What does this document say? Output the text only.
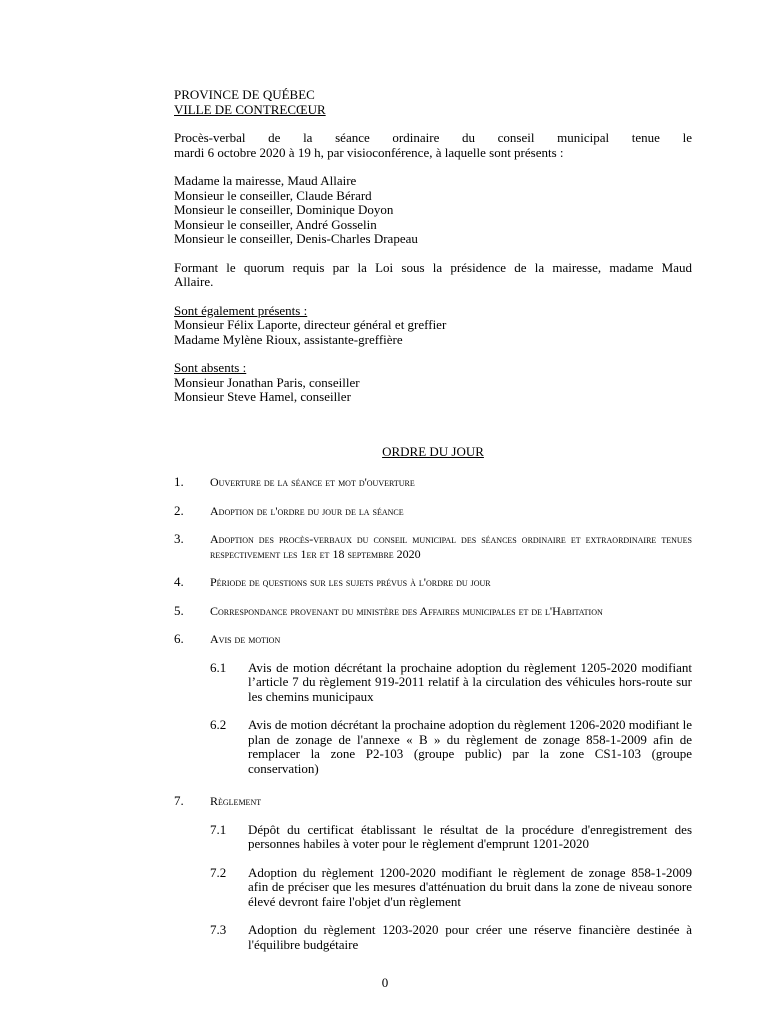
PROVINCE DE QUÉBEC

VILLE DE CONTRECŒUR

Procès-verbal de la séance ordinaire du conseil municipal tenue le

mardi 6 octobre 2020 à 19 h, par visioconférence, à laquelle sont présents :

Madame la mairesse, Maud Allaire

Monsieur le conseiller, Claude Bérard

Monsieur le conseiller, Dominique Doyon

Monsieur le conseiller, André Gosselin

Monsieur le conseiller, Denis-Charles Drapeau

Formant le quorum requis par la Loi sous la présidence de la mairesse, madame Maud

Allaire.

Sont également présents :

Monsieur Félix Laporte, directeur général et greffier

Madame Mylène Rioux, assistante-greffière

Sont absents :

Monsieur Jonathan Paris, conseiller

Monsieur Steve Hamel, conseiller

ORDRE DU JOUR

1. Ouverture de la séance et mot d'ouverture
2. Adoption de l'ordre du jour de la séance
3. Adoption des procès-verbaux du conseil municipal des séances ordinaire et extraordinaire tenues respectivement les 1er et 18 septembre 2020
4. Période de questions sur les sujets prévus à l'ordre du jour
5. Correspondance provenant du ministère des Affaires municipales et de l'Habitation
6. Avis de motion
6.1 Avis de motion décrétant la prochaine adoption du règlement 1205-2020 modifiant l’article 7 du règlement 919-2011 relatif à la circulation des véhicules hors-route sur les chemins municipaux
6.2 Avis de motion décrétant la prochaine adoption du règlement 1206-2020 modifiant le plan de zonage de l'annexe « B » du règlement de zonage 858-1-2009 afin de remplacer la zone P2-103 (groupe public) par la zone CS1-103 (groupe conservation)
7. Règlement
7.1 Dépôt du certificat établissant le résultat de la procédure d'enregistrement des personnes habiles à voter pour le règlement d'emprunt 1201-2020
7.2 Adoption du règlement 1200-2020 modifiant le règlement de zonage 858-1-2009 afin de préciser que les mesures d'atténuation du bruit dans la zone de niveau sonore élevé devront faire l'objet d'un règlement
7.3 Adoption du règlement 1203-2020 pour créer une réserve financière destinée à l'équilibre budgétaire
0
